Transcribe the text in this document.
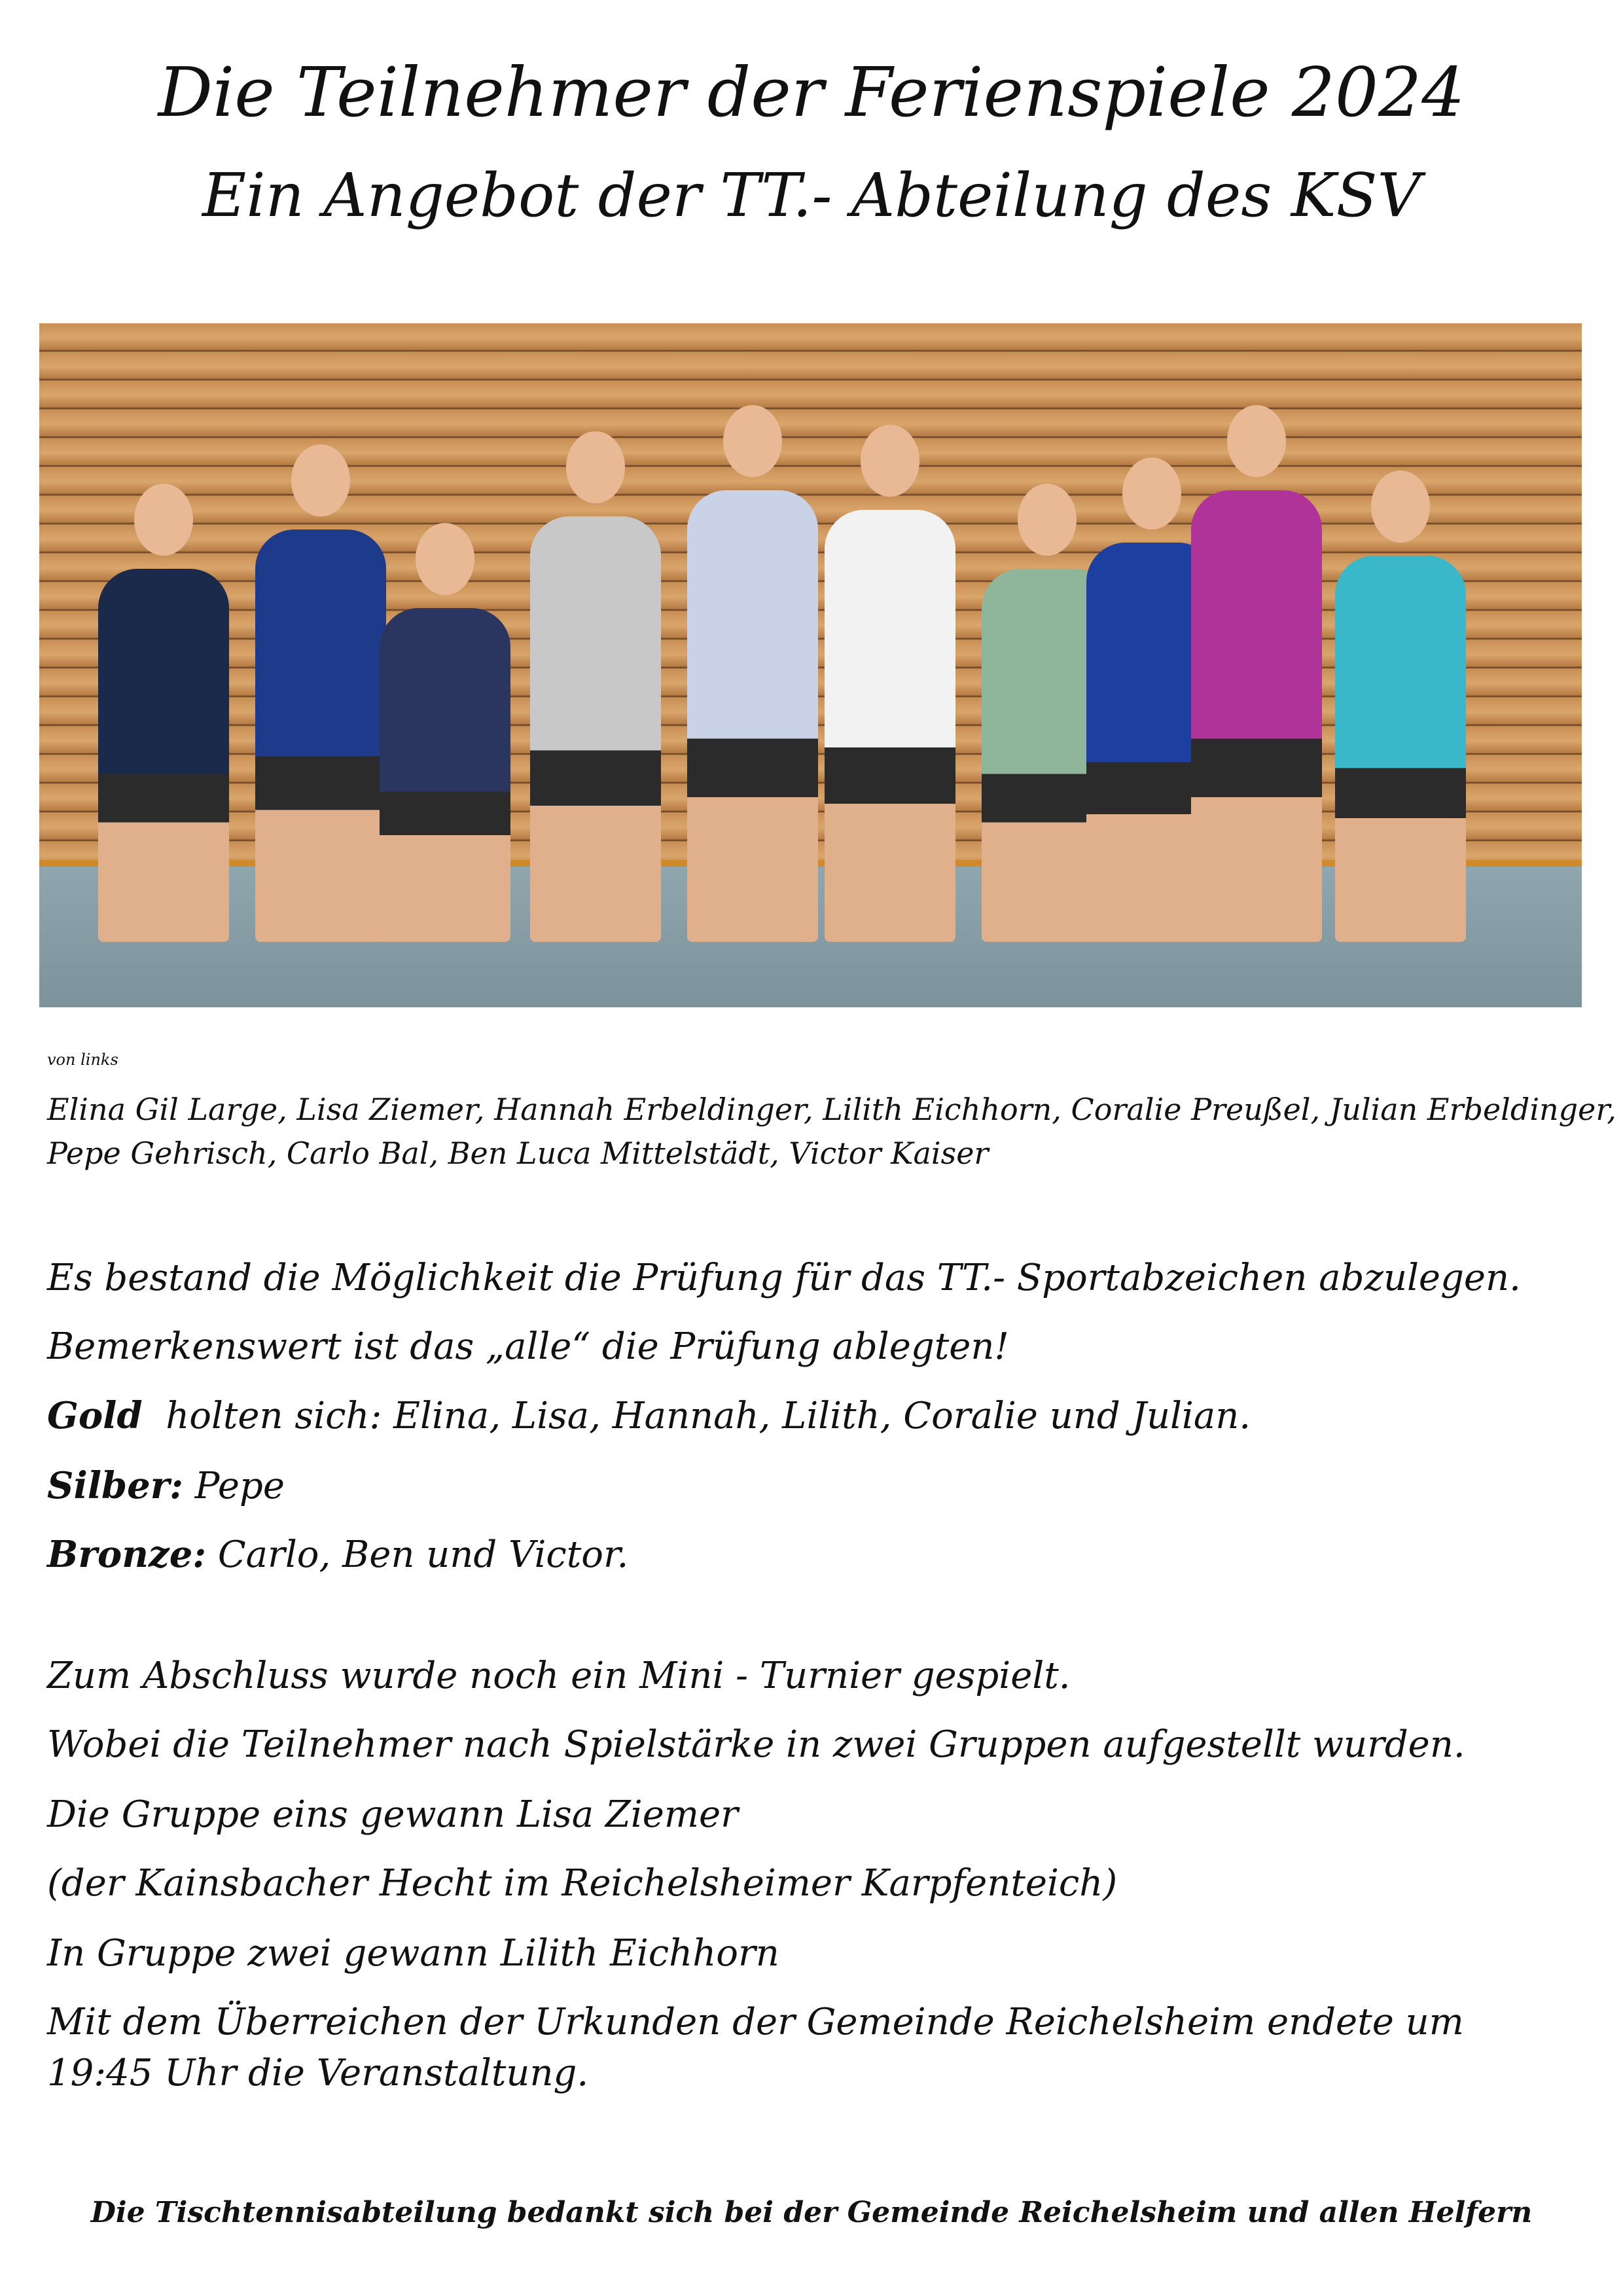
Die Teilnehmer der Ferienspiele 2024
Ein Angebot der TT.- Abteilung des KSV
von links
Elina Gil Large, Lisa Ziemer, Hannah Erbeldinger, Lilith Eichhorn, Coralie Preußel, Julian Erbeldinger,
Pepe Gehrisch, Carlo Bal, Ben Luca Mittelstädt, Victor Kaiser
Es bestand die Möglichkeit die Prüfung für das TT.- Sportabzeichen abzulegen.
Bemerkenswert ist das „alle“ die Prüfung ablegten!
Gold  holten sich: Elina, Lisa, Hannah, Lilith, Coralie und Julian.
Silber: Pepe
Bronze: Carlo, Ben und Victor.
Zum Abschluss wurde noch ein Mini - Turnier gespielt.
Wobei die Teilnehmer nach Spielstärke in zwei Gruppen aufgestellt wurden.
Die Gruppe eins gewann Lisa Ziemer
(der Kainsbacher Hecht im Reichelsheimer Karpfenteich)
In Gruppe zwei gewann Lilith Eichhorn
Mit dem Überreichen der Urkunden der Gemeinde Reichelsheim endete um
19:45 Uhr die Veranstaltung.
Die Tischtennisabteilung bedankt sich bei der Gemeinde Reichelsheim und allen Helfern
